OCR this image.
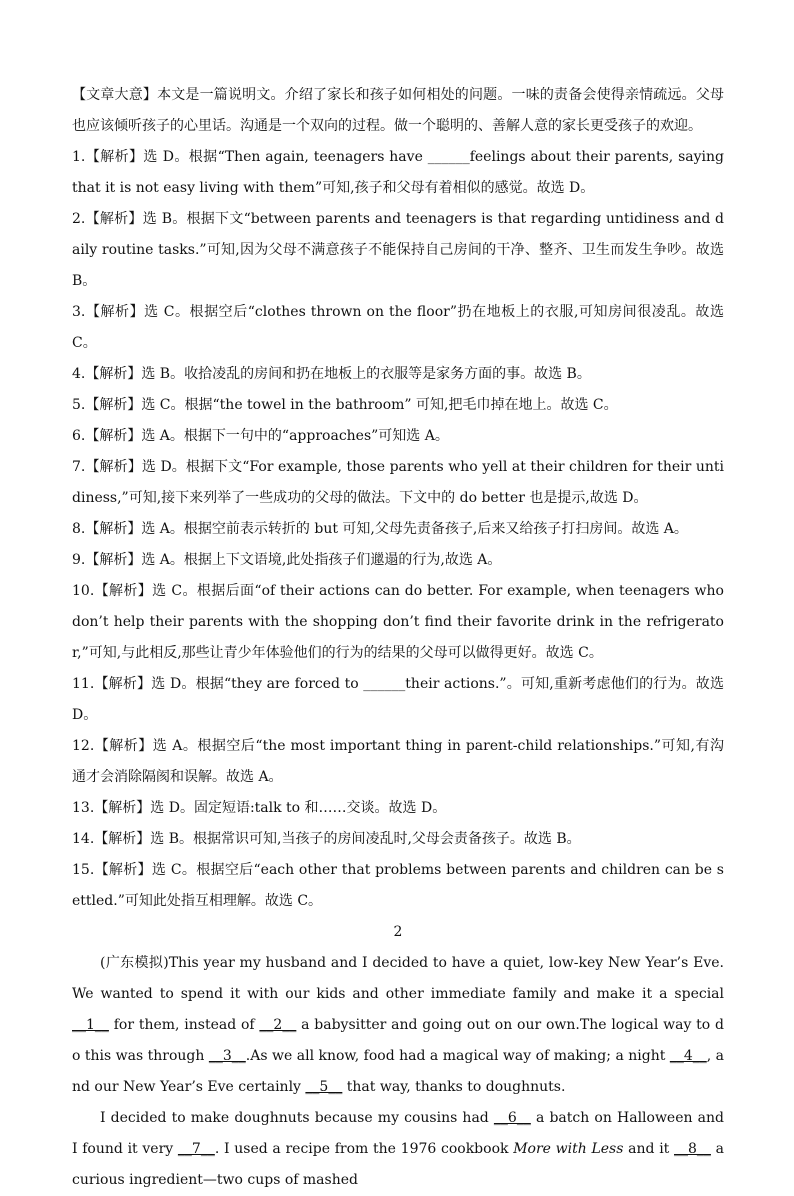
【文章大意】本文是一篇说明文。介绍了家长和孩子如何相处的问题。一味的责备会使得亲情疏远。父母也应该倾听孩子的心里话。沟通是一个双向的过程。做一个聪明的、善解人意的家长更受孩子的欢迎。

1.【解析】选 D。根据“Then again, teenagers have ______feelings about their parents, saying that it is not easy living with them”可知,孩子和父母有着相似的感觉。故选 D。

2.【解析】选 B。根据下文“between parents and teenagers is that regarding untidiness and daily routine tasks.”可知,因为父母不满意孩子不能保持自己房间的干净、整齐、卫生而发生争吵。故选 B。

3.【解析】选 C。根据空后“clothes thrown on the floor”扔在地板上的衣服,可知房间很凌乱。故选 C。

4.【解析】选 B。收拾凌乱的房间和扔在地板上的衣服等是家务方面的事。故选 B。

5.【解析】选 C。根据“the towel in the bathroom” 可知,把毛巾掉在地上。故选 C。

6.【解析】选 A。根据下一句中的“approaches”可知选 A。

7.【解析】选 D。根据下文“For example, those parents who yell at their children for their untidiness,”可知,接下来列举了一些成功的父母的做法。下文中的 do better 也是提示,故选 D。

8.【解析】选 A。根据空前表示转折的 but 可知,父母先责备孩子,后来又给孩子打扫房间。故选 A。

9.【解析】选 A。根据上下文语境,此处指孩子们邋遢的行为,故选 A。

10.【解析】选 C。根据后面“of their actions can do better. For example, when teenagers who don’t help their parents with the shopping don’t find their favorite drink in the refrigerator,”可知,与此相反,那些让青少年体验他们的行为的结果的父母可以做得更好。故选 C。

11.【解析】选 D。根据“they are forced to ______their actions.”。可知,重新考虑他们的行为。故选 D。

12.【解析】选 A。根据空后“the most important thing in parent-child relationships.”可知,有沟通才会消除隔阂和误解。故选 A。

13.【解析】选 D。固定短语:talk to 和……交谈。故选 D。

14.【解析】选 B。根据常识可知,当孩子的房间凌乱时,父母会责备孩子。故选 B。

15.【解析】选 C。根据空后“each other that problems between parents and children can be settled.”可知此处指互相理解。故选 C。

2

(广东模拟)This year my husband and I decided to have a quiet, low-key New Year’s Eve.We wanted to spend it with our kids and other immediate family and make it a special __1__ for them, instead of __2__ a babysitter and going out on our own.The logical way to do this was through __3__.As we all know, food had a magical way of making; a night __4__, and our New Year’s Eve certainly __5__ that way, thanks to doughnuts.

I decided to make doughnuts because my cousins had __6__ a batch on Halloween and I found it very __7__. I used a recipe from the 1976 cookbook More with Less and it __8__ a curious ingredient—two cups of mashed
